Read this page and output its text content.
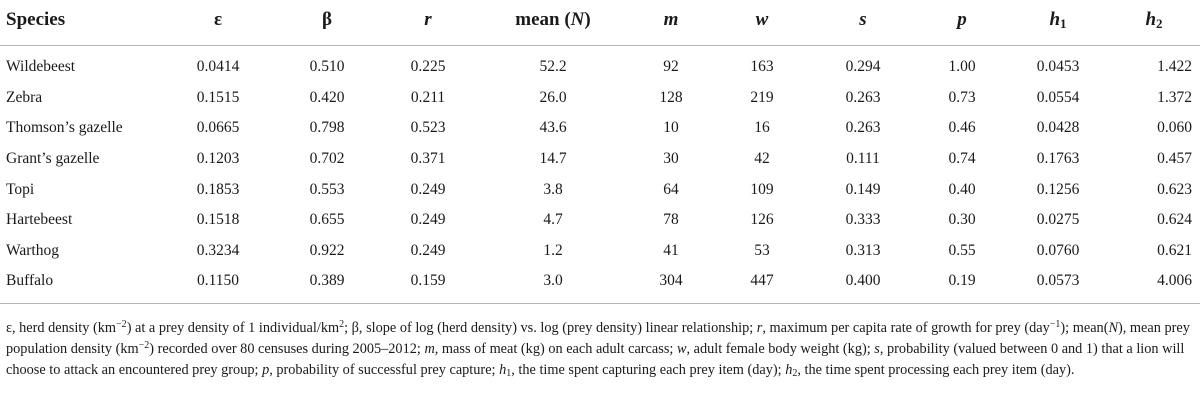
Species	ε	β	r	mean (N)	m	w	s	p	$h_1$	$h_2$
Wildebeest	0.0414	0.510	0.225	52.2	92	163	0.294	1.00	0.0453	1.422
Zebra	0.1515	0.420	0.211	26.0	128	219	0.263	0.73	0.0554	1.372
Thomson’s gazelle	0.0665	0.798	0.523	43.6	10	16	0.263	0.46	0.0428	0.060
Grant’s gazelle	0.1203	0.702	0.371	14.7	30	42	0.111	0.74	0.1763	0.457
Topi	0.1853	0.553	0.249	3.8	64	109	0.149	0.40	0.1256	0.623
Hartebeest	0.1518	0.655	0.249	4.7	78	126	0.333	0.30	0.0275	0.624
Warthog	0.3234	0.922	0.249	1.2	41	53	0.313	0.55	0.0760	0.621
Buffalo	0.1150	0.389	0.159	3.0	304	447	0.400	0.19	0.0573	4.006
ε, herd density $(km^{-2})$ at a prey density of 1 individual/$km^2$; β, slope of log (herd density) vs. log (prey density) linear relationship; r, maximum per capita rate of growth for prey (day$^{-1}$); mean(N), mean prey population density $(km^{-2})$ recorded over 80 censuses during 2005–2012; m, mass of meat (kg) on each adult carcass; w, adult female body weight (kg); s, probability (valued between 0 and 1) that a lion will choose to attack an encountered prey group; p, probability of successful prey capture; $h_1$, the time spent capturing each prey item (day); $h_2$, the time spent processing each prey item (day).
